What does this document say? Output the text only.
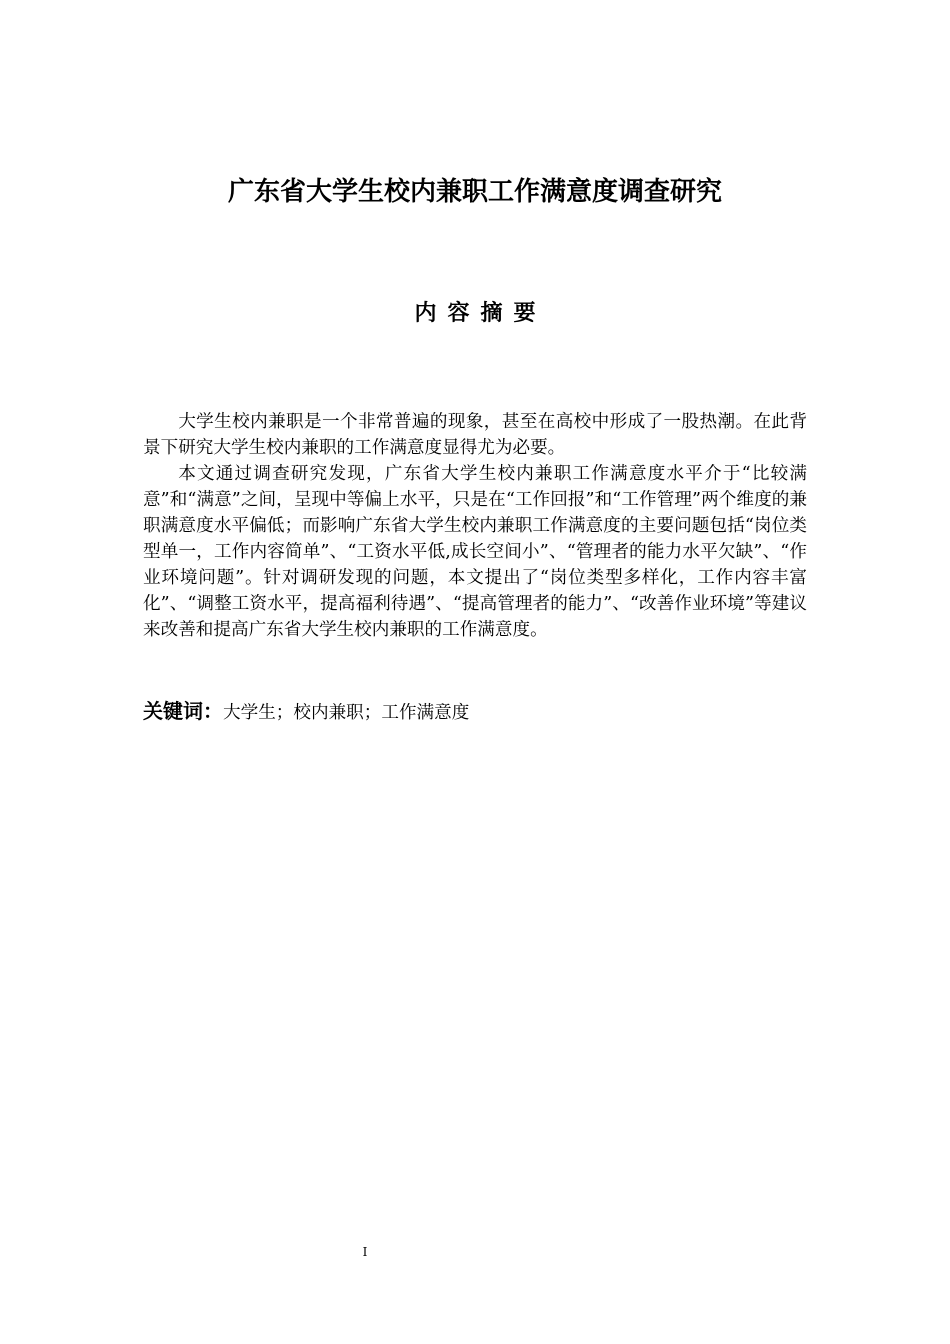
广东省大学生校内兼职工作满意度调查研究
内容摘要

大学生校内兼职是一个非常普遍的现象，甚至在高校中形成了一股热潮。在此背景下研究大学生校内兼职的工作满意度显得尤为必要。

本文通过调查研究发现，广东省大学生校内兼职工作满意度水平介于“比较满意”和“满意”之间，呈现中等偏上水平，只是在“工作回报”和“工作管理”两个维度的兼职满意度水平偏低；而影响广东省大学生校内兼职工作满意度的主要问题包括“岗位类型单一，工作内容简单”、“工资水平低,成长空间小”、“管理者的能力水平欠缺”、“作业环境问题”。针对调研发现的问题，本文提出了“岗位类型多样化，工作内容丰富化”、“调整工资水平，提高福利待遇”、“提高管理者的能力”、“改善作业环境”等建议来改善和提高广东省大学生校内兼职的工作满意度。

关键词：大学生；校内兼职；工作满意度
I
